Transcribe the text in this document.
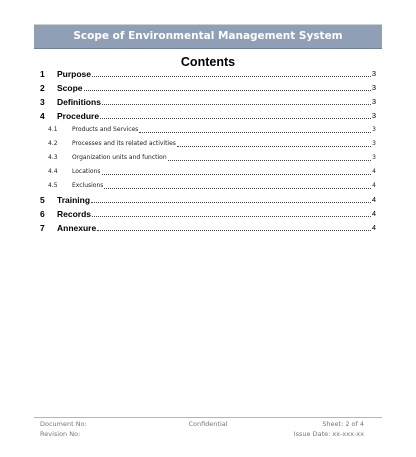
Scope of Environmental Management System
Contents
1	Purpose	3
2	Scope	3
3	Definitions	3
4	Procedure	3
4.1	Products and Services	3
4.2	Processes and its related activities	3
4.3	Organization units and function	3
4.4	Locations	4
4.5	Exclusions	4
5	Training	4
6	Records	4
7	Annexure	4
Document No:
Revision No:
Confidential	Sheet: 2 of 4
Issue Date: xx-xxx-xx
